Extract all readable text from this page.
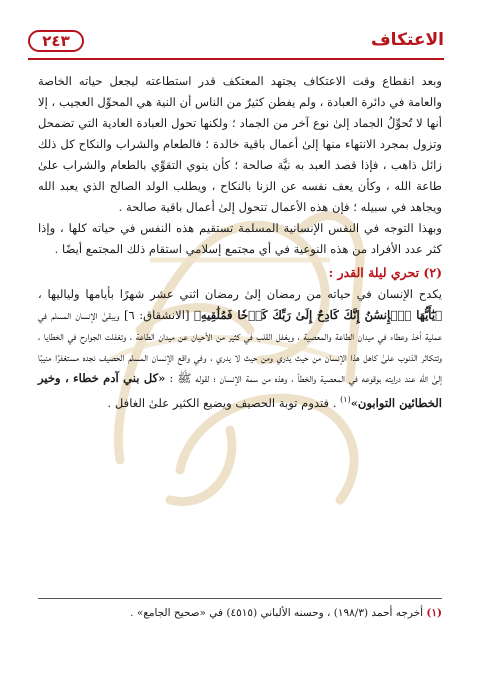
الاعتكاف
٢٤٣

وبعد انقطاع وقت الاعتكاف يجتهد المعتكف قدر استطاعته ليجعل حياته الخاصة والعامة في دائرة العبادة ، ولم يفطن كثيرٌ من الناس أن النية هي المحوِّل العجيب ، إلا أنها لا تُحوِّلُ الجماد إلىٰ نوع آخر من الجماد ؛ ولكنها تحول العبادة العادية التي تضمحل وتزول بمجرد الانتهاء منها إلىٰ أعمال باقية خالدة ؛ فالطعام والشراب والنكاح كل ذلك زائل ذاهب ، فإذا قصد العبد به نيَّة صالحة ؛ كأن ينوي التقوِّي بالطعام والشراب علىٰ طاعة الله ، وكأن يعف نفسه عن الزنا بالنكاح ، ويطلب الولد الصالح الذي يعبد الله ويجاهد في سبيله ؛ فإن هذه الأعمال تتحول إلىٰ أعمال باقية صالحة .

وبهذا التوجه في النفس الإنسانية المسلمة تستقيم هذه النفس في حياته كلها ، وإذا كثر عدد الأفراد من هذه النوعية في أي مجتمع إسلامي استقام ذلك المجتمع أيضًا .

(٢) تحري ليلة القدر :

يكدح الإنسان في حياته من رمضان إلىٰ رمضان اثني عشر شهرًا بأيامها ولياليها ، ﴿يَٰٓأَيُّهَا ٱلۡإِنسَٰنُ إِنَّكَ كَادِحٌ إِلَىٰ رَبِّكَ كَدۡحٗا فَمُلَٰقِيهِ﴾ [الانشقاق: ٦] ويبقىٰ الإنسان المسلم في عملية أخذ وعطاء في ميدان الطاعة والمعصية ، ويغفل القلب في كثير من الأحيان عن ميدان الطاعة ، وتغفلت الجوارح في الخطايا ، وتتكاثر الذنوب علىٰ كاهل هذا الإنسان من حيث يدري ومن حيث لا يدري ، وفي واقع الإنسان المسلم الحصيف نجده مستغفرًا منيبًا إلىٰ الله عند درايته بوقوعه في المعصية والخطأ ، وهذه من سمة الإنسان ؛ لقوله ﷺ : «كل بني آدم خطاء ، وخير الخطائين التوابون»$^{(١)}$ . فتدوم توبة الحصيف ويضيع الكثير علىٰ الغافل .

(١) أخرجه أحمد (١٩٨/٣) ، وحسنه الألباني (٤٥١٥) في «صحيح الجامع» .
